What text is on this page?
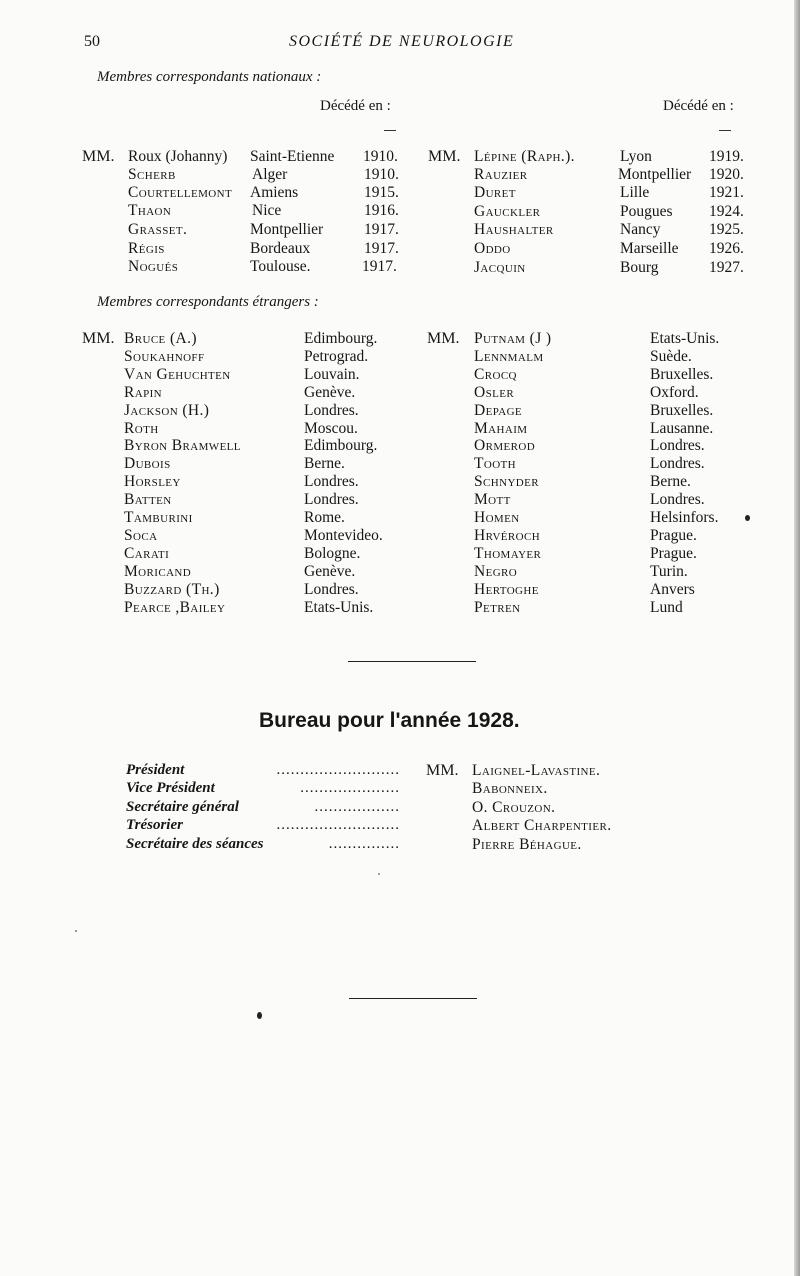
50	SOCIÉTÉ DE NEUROLOGIE
Membres correspondants nationaux :
Décédé en :	Décédé en :
MM.	MM.
Roux (Johanny) Saint-Etienne 1910.
Scherb	Alger	1910.
Courtellemont Amiens	1915.
Thaon	Nice	1916.
Grasset.	Montpellier	1917.
Régis	Bordeaux	1917.
Nogués	Toulouse.	1917.
Lépine (Raph.).	Lyon	1919.
Rauzier	Montpellier 1920.
Duret	Lille	1921.
Gauckler	Pougues 1924.
Haushalter	Nancy	1925.
Oddo	Marseille 1926.
Jacquin	Bourg	1927.
Membres correspondants étrangers :
MM.	MM.
Bruce (A.)	Edimbourg.
Soukahnoff	Petrograd.
Van Gehuchten	Louvain.
Rapin	Genève.
Jackson (H.)	Londres.
Roth	Moscou.
Byron Bramwell	Edimbourg.
Dubois	Berne.
Horsley	Londres.
Batten	Londres.
Tamburini	Rome.
Soca	Montevideo.
Carati	Bologne.
Moricand	Genève.
Buzzard (Th.)	Londres.
Pearce ,Bailey	Etats-Unis.
Putnam (J )	Etats-Unis.
Lennmalm	Suède.
Crocq	Bruxelles.
Osler	Oxford.
Depage	Bruxelles.
Mahaim	Lausanne.
Ormerod	Londres.
Tooth	Londres.
Schnyder	Berne.
Mott	Londres.
Homen	Helsinfors.
Hrvéroch	Prague.
Thomayer	Prague.
Negro	Turin.
Hertoghe	Anvers
Petren	Lund
Bureau pour l'année 1928.
MM.
Président	..........................	Laignel-Lavastine.
Vice Président	.....................	Babonneix.
Secrétaire général	..................	O. Crouzon.
Trésorier	..........................	Albert Charpentier.
Secrétaire des séances	...............	Pierre Béhague.
